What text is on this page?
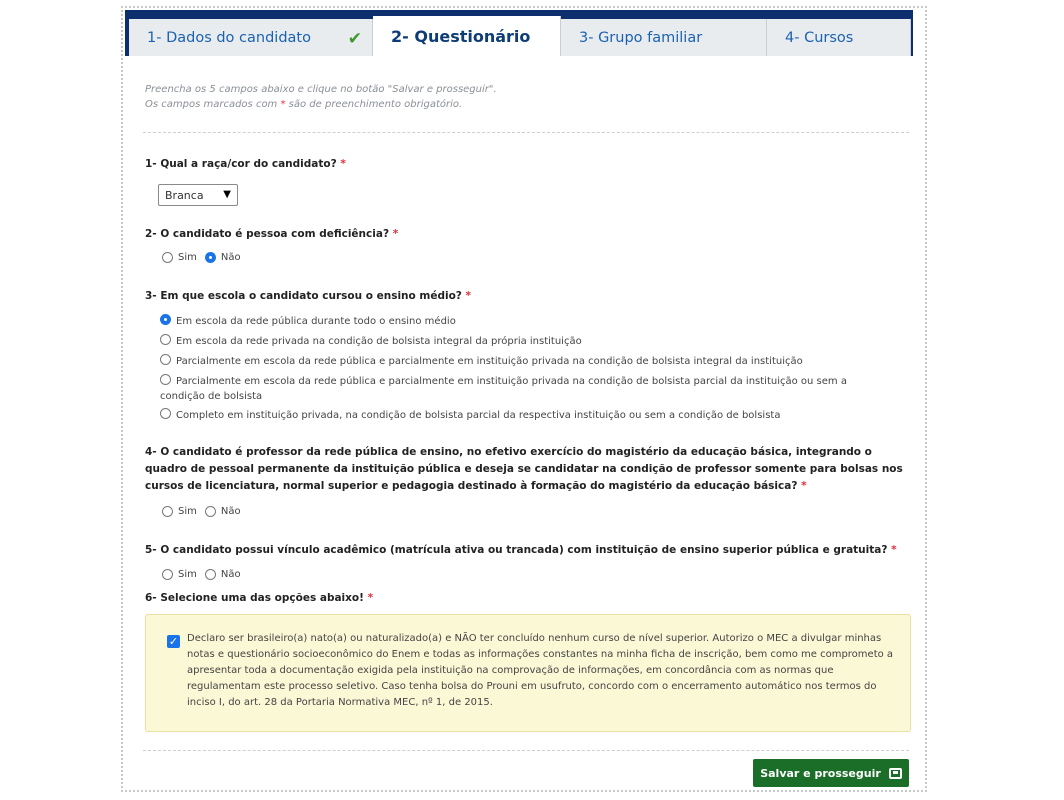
1- Dados do candidato ✔ 2- Questionário	3- Grupo familiar	4- Cursos
Preencha os 5 campos abaixo e clique no botão "Salvar e prosseguir".
Os campos marcados com * são de preenchimento obrigatório.
1- Qual a raça/cor do candidato? *
Branca ▼
2- O candidato é pessoa com deficiência? *
Sim Não
3- Em que escola o candidato cursou o ensino médio? *
Em escola da rede pública durante todo o ensino médio
Em escola da rede privada na condição de bolsista integral da própria instituição
Parcialmente em escola da rede pública e parcialmente em instituição privada na condição de bolsista integral da instituição
Parcialmente em escola da rede pública e parcialmente em instituição privada na condição de bolsista parcial da instituição ou sem a condição de bolsista
Completo em instituição privada, na condição de bolsista parcial da respectiva instituição ou sem a condição de bolsista
4- O candidato é professor da rede pública de ensino, no efetivo exercício do magistério da educação básica, integrando o quadro de pessoal permanente da instituição pública e deseja se candidatar na condição de professor somente para bolsas nos cursos de licenciatura, normal superior e pedagogia destinado à formação do magistério da educação básica? *
Sim Não
5- O candidato possui vínculo acadêmico (matrícula ativa ou trancada) com instituição de ensino superior pública e gratuita? *
Sim Não
6- Selecione uma das opções abaixo! *
✓ Declaro ser brasileiro(a) nato(a) ou naturalizado(a) e NÃO ter concluído nenhum curso de nível superior. Autorizo o MEC a divulgar minhas notas e questionário socioeconômico do Enem e todas as informações constantes na minha ficha de inscrição, bem como me comprometo a apresentar toda a documentação exigida pela instituição na comprovação de informações, em concordância com as normas que regulamentam este processo seletivo. Caso tenha bolsa do Prouni em usufruto, concordo com o encerramento automático nos termos do inciso I, do art. 28 da Portaria Normativa MEC, nº 1, de 2015.
Salvar e prosseguir
